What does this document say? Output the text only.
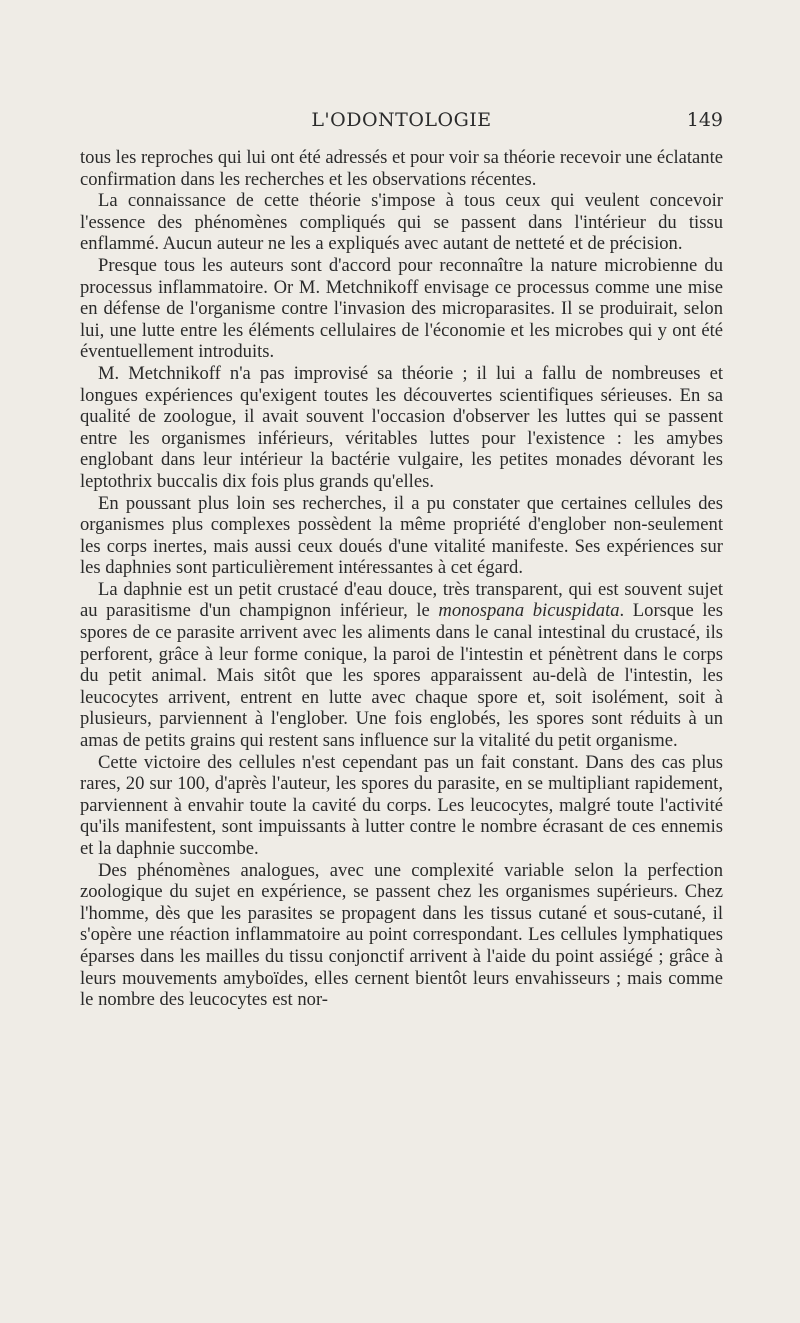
L'ODONTOLOGIE	149

tous les reproches qui lui ont été adressés et pour voir sa théorie recevoir une éclatante confirmation dans les recherches et les observations récentes.

La connaissance de cette théorie s'impose à tous ceux qui veulent concevoir l'essence des phénomènes compliqués qui se passent dans l'intérieur du tissu enflammé. Aucun auteur ne les a expliqués avec autant de netteté et de précision.

Presque tous les auteurs sont d'accord pour reconnaître la nature microbienne du processus inflammatoire. Or M. Metchnikoff envisage ce processus comme une mise en défense de l'organisme contre l'invasion des microparasites. Il se produirait, selon lui, une lutte entre les éléments cellulaires de l'économie et les microbes qui y ont été éventuellement introduits.

M. Metchnikoff n'a pas improvisé sa théorie ; il lui a fallu de nombreuses et longues expériences qu'exigent toutes les découvertes scientifiques sérieuses. En sa qualité de zoologue, il avait souvent l'occasion d'observer les luttes qui se passent entre les organismes inférieurs, véritables luttes pour l'existence : les amybes englobant dans leur intérieur la bactérie vulgaire, les petites monades dévorant les leptothrix buccalis dix fois plus grands qu'elles.

En poussant plus loin ses recherches, il a pu constater que certaines cellules des organismes plus complexes possèdent la même propriété d'englober non-seulement les corps inertes, mais aussi ceux doués d'une vitalité manifeste. Ses expériences sur les daphnies sont particulièrement intéressantes à cet égard.

La daphnie est un petit crustacé d'eau douce, très transparent, qui est souvent sujet au parasitisme d'un champignon inférieur, le monospana bicuspidata. Lorsque les spores de ce parasite arrivent avec les aliments dans le canal intestinal du crustacé, ils perforent, grâce à leur forme conique, la paroi de l'intestin et pénètrent dans le corps du petit animal. Mais sitôt que les spores apparaissent au-delà de l'intestin, les leucocytes arrivent, entrent en lutte avec chaque spore et, soit isolément, soit à plusieurs, parviennent à l'englober. Une fois englobés, les spores sont réduits à un amas de petits grains qui restent sans influence sur la vitalité du petit organisme.

Cette victoire des cellules n'est cependant pas un fait constant. Dans des cas plus rares, 20 sur 100, d'après l'auteur, les spores du parasite, en se multipliant rapidement, parviennent à envahir toute la cavité du corps. Les leucocytes, malgré toute l'activité qu'ils manifestent, sont impuissants à lutter contre le nombre écrasant de ces ennemis et la daphnie succombe.

Des phénomènes analogues, avec une complexité variable selon la perfection zoologique du sujet en expérience, se passent chez les organismes supérieurs. Chez l'homme, dès que les parasites se propagent dans les tissus cutané et sous-cutané, il s'opère une réaction inflammatoire au point correspondant. Les cellules lymphatiques éparses dans les mailles du tissu conjonctif arrivent à l'aide du point assiégé ; grâce à leurs mouvements amyboïdes, elles cernent bientôt leurs envahisseurs ; mais comme le nombre des leucocytes est nor-
